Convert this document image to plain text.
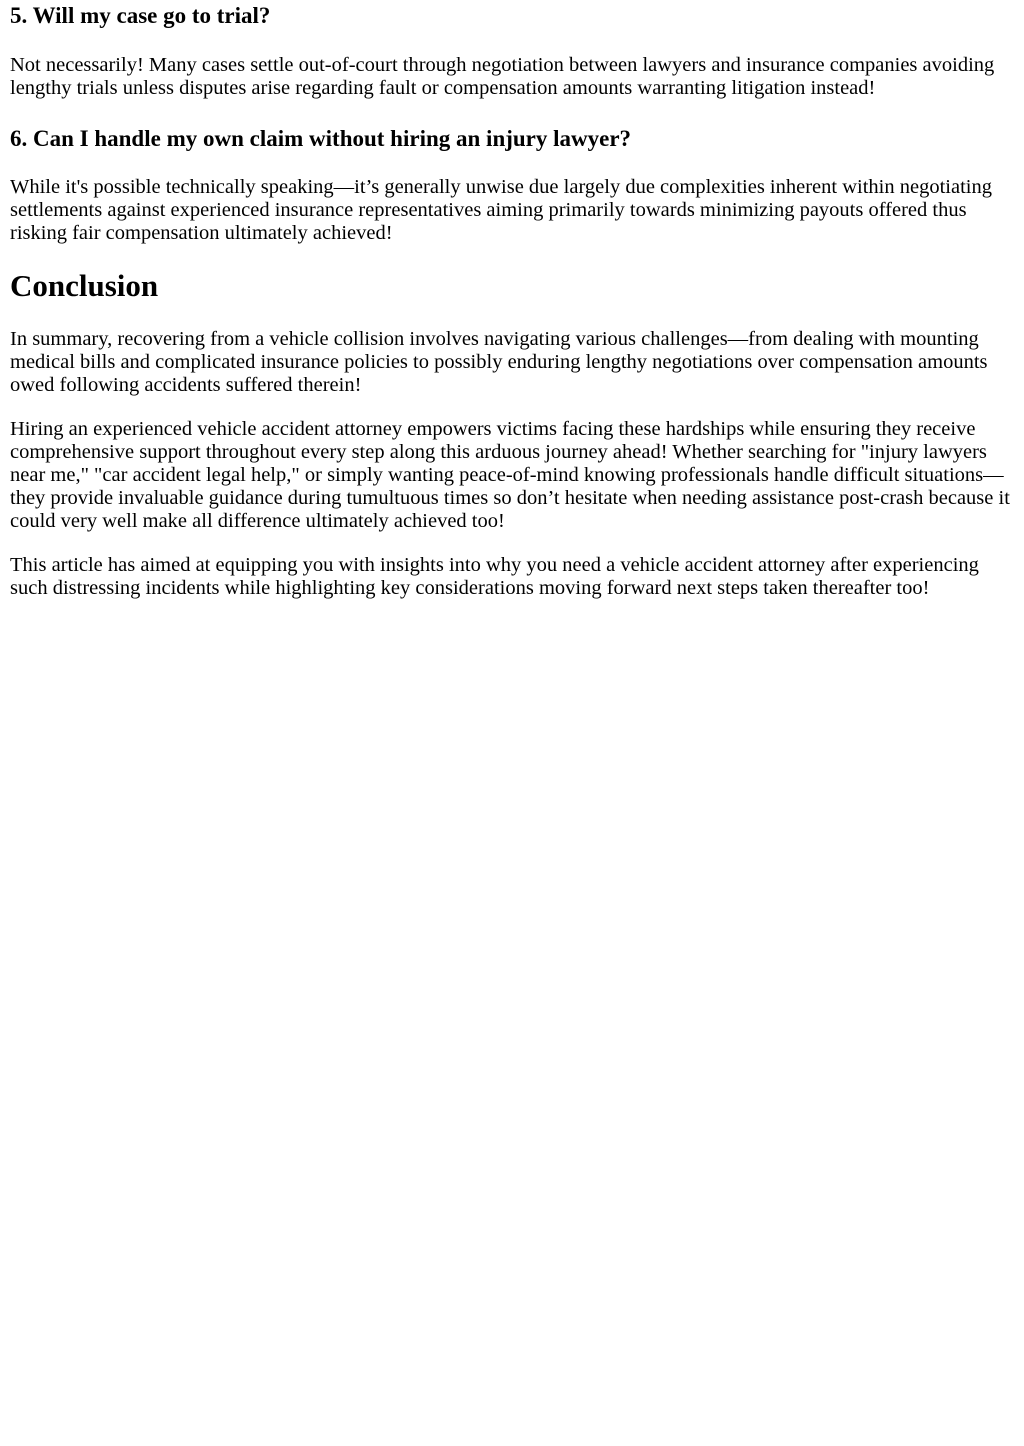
5. Will my case go to trial?

Not necessarily! Many cases settle out-of-court through negotiation between lawyers and insurance companies avoiding lengthy trials unless disputes arise regarding fault or compensation amounts warranting litigation instead!

6. Can I handle my own claim without hiring an injury lawyer?

While it's possible technically speaking—it’s generally unwise due largely due complexities inherent within negotiating settlements against experienced insurance representatives aiming primarily towards minimizing payouts offered thus risking fair compensation ultimately achieved!

Conclusion

In summary, recovering from a vehicle collision involves navigating various challenges—from dealing with mounting medical bills and complicated insurance policies to possibly enduring lengthy negotiations over compensation amounts owed following accidents suffered therein!

Hiring an experienced vehicle accident attorney empowers victims facing these hardships while ensuring they receive comprehensive support throughout every step along this arduous journey ahead! Whether searching for "injury lawyers near me," "car accident legal help," or simply wanting peace-of-mind knowing professionals handle difficult situations—they provide invaluable guidance during tumultuous times so don’t hesitate when needing assistance post-crash because it could very well make all difference ultimately achieved too!

This article has aimed at equipping you with insights into why you need a vehicle accident attorney after experiencing such distressing incidents while highlighting key considerations moving forward next steps taken thereafter too!
